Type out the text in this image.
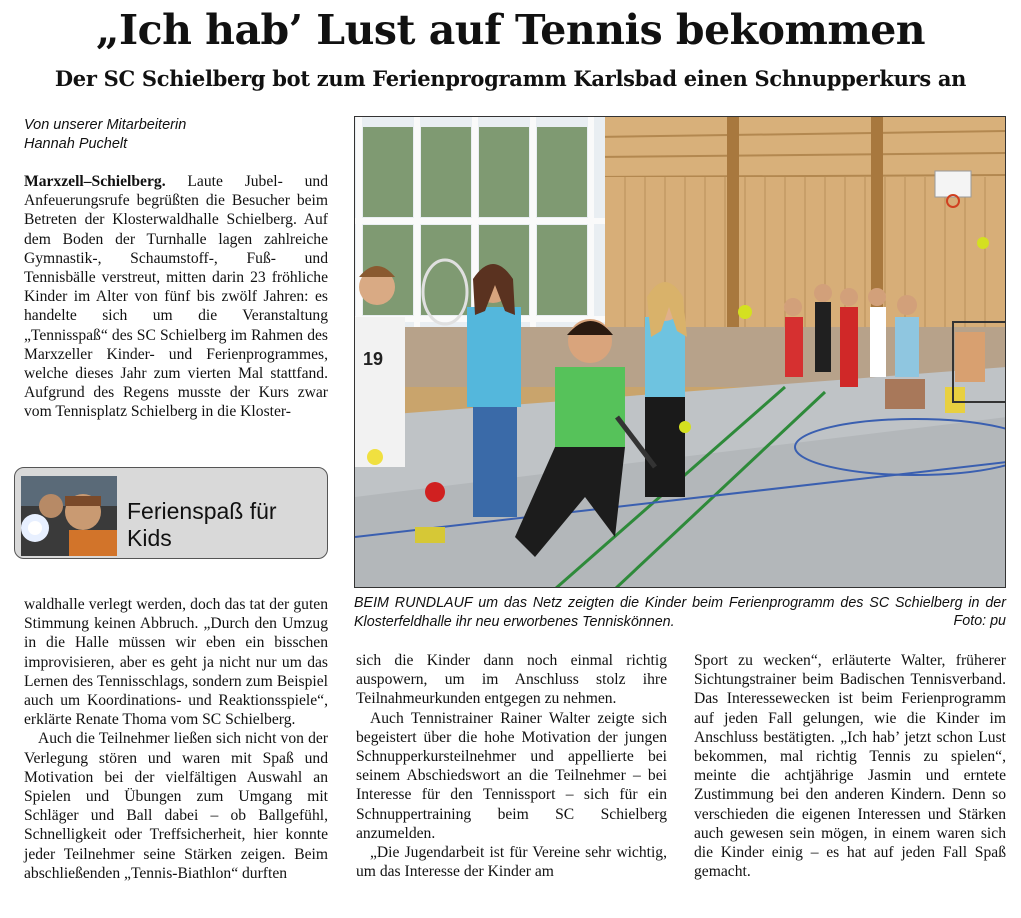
„Ich hab’ Lust auf Tennis bekommen
Der SC Schielberg bot zum Ferienprogramm Karlsbad einen Schnupperkurs an
Von unserer Mitarbeiterin
Hannah Puchelt

Marxzell–Schielberg. Laute Jubel- und Anfeuerungsrufe begrüßten die Besucher beim Betreten der Klosterwaldhalle Schielberg. Auf dem Boden der Turnhalle lagen zahlreiche Gymnastik-, Schaumstoff-, Fuß- und Tennisbälle verstreut, mitten darin 23 fröhliche Kinder im Alter von fünf bis zwölf Jahren: es handelte sich um die Veranstaltung „Tennisspaß“ des SC Schielberg im Rahmen des Marxzeller Kinder- und Ferienprogrammes, welche dieses Jahr zum vierten Mal stattfand. Aufgrund des Regens musste der Kurs zwar vom Tennisplatz Schielberg in die Kloster-

Ferienspaß für Kids

waldhalle verlegt werden, doch das tat der guten Stimmung keinen Abbruch. „Durch den Umzug in die Halle müssen wir eben ein bisschen improvisieren, aber es geht ja nicht nur um das Lernen des Tennisschlags, sondern zum Beispiel auch um Koordinations- und Reaktionsspiele“, erklärte Renate Thoma vom SC Schielberg.

Auch die Teilnehmer ließen sich nicht von der Verlegung stören und waren mit Spaß und Motivation bei der vielfältigen Auswahl an Spielen und Übungen zum Umgang mit Schläger und Ball dabei – ob Ballgefühl, Schnelligkeit oder Treffsicherheit, hier konnte jeder Teilnehmer seine Stärken zeigen. Beim abschließenden „Tennis-Biathlon“ durften

19

BEIM RUNDLAUF um das Netz zeigten die Kinder beim Ferienprogramm des SC Schielberg in der Klosterfeldhalle ihr neu erworbenes Tenniskönnen.	Foto: pu

sich die Kinder dann noch einmal richtig auspowern, um im Anschluss stolz ihre Teilnahmeurkunden entgegen zu nehmen.

Auch Tennistrainer Rainer Walter zeigte sich begeistert über die hohe Motivation der jungen Schnupperkursteilnehmer und appellierte bei seinem Abschiedswort an die Teilnehmer – bei Interesse für den Tennissport – sich für ein Schnuppertraining beim SC Schielberg anzumelden.

„Die Jugendarbeit ist für Vereine sehr wichtig, um das Interesse der Kinder am

Sport zu wecken“, erläuterte Walter, früherer Sichtungstrainer beim Badischen Tennisverband. Das Interessewecken ist beim Ferienprogramm auf jeden Fall gelungen, wie die Kinder im Anschluss bestätigten. „Ich hab’ jetzt schon Lust bekommen, mal richtig Tennis zu spielen“, meinte die achtjährige Jasmin und erntete Zustimmung bei den anderen Kindern. Denn so verschieden die eigenen Interessen und Stärken auch gewesen sein mögen, in einem waren sich die Kinder einig – es hat auf jeden Fall Spaß gemacht.
